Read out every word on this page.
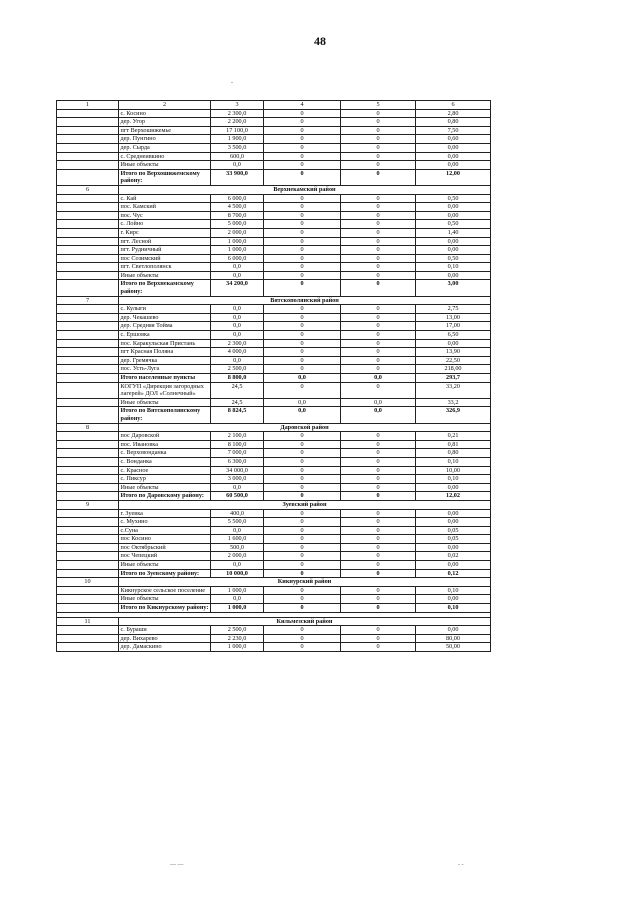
48
-
1	2	3	4	5	6
	с. Косино	2 300,0	0	0	2,80
	дер. Угор	2 200,0	0	0	0,80
	пгт Верхошижемье	17 100,0	0	0	7,50
	дер. Пунгино	1 900,0	0	0	0,60
	дер. Сырда	3 500,0	0	0	0,00
	с. Среднеивкино	600,0	0	0	0,00
	Иные объекты	0,0	0	0	0,00
	Итого по Верхошижемскому району:	33 900,0	0	0	12,00
6	Верхнекамский район				
	с. Кай	6 000,0	0	0	0,50
	пос. Камский	4 500,0	0	0	0,00
	пос. Чус	8 700,0	0	0	0,00
	с. Лойно	5 000,0	0	0	0,50
	г. Кирс	2 000,0	0	0	1,40
	пгт. Лесной	1 000,0	0	0	0,00
	пгт. Рудничный	1 000,0	0	0	0,00
	пос Созимский	6 000,0	0	0	0,50
	пгт. Светлополянск	0,0	0	0	0,10
	Иные объекты	0,0	0	0	0,00
	Итого по Верхнекамскому району:	34 200,0	0	0	3,00
7	Вятскополянский район				
	с. Кулыги	0,0	0	0	2,75
	дер. Чекашево	0,0	0	0	13,00
	дер. Средняя Тойма	0,0	0	0	17,00
	с. Ершовка	0,0	0	0	6,50
	пос. Каракульская Пристань	2 300,0	0	0	0,00
	пгт Красная Поляна	4 000,0	0	0	13,90
	дер. Гремячка	0,0	0	0	22,50
	пос. Усть-Луга	2 500,0	0	0	218,00
	Итого населенные пункты	8 800,0	0,0	0,0	293,7
	КОГУП «Дирекция загородных лагерей» ДОЛ «Солнечный»	24,5	0	0	33,20
	Иные объекты	24,5	0,0	0,0	33,2
	Итого по Вятскополянскому району:	8 824,5	0,0	0,0	326,9
8	Даровской район				
	пос Даровской	2 100,0	0	0	0,21
	пос. Ивановка	8 100,0	0	0	0,81
	с. Верховонданка	7 000,0	0	0	0,80
	с. Вонданка	6 300,0	0	0	0,10
	с. Красное	34 000,0	0	0	10,00
	с. Пиксур	3 000,0	0	0	0,10
	Иные объекты	0,0	0	0	0,00
	Итого по Даровскому району:	60 500,0	0	0	12,02
9	Зуевский район				
	г. Зуевка	400,0	0	0	0,00
	с. Мухино	5 500,0	0	0	0,00
	с.Суна	0,0	0	0	0,05
	пос Косино	1 600,0	0	0	0,05
	пос Октябрьский	500,0	0	0	0,00
	пос Чепецкий	2 000,0	0	0	0,02
	Иные объекты	0,0	0	0	0,00
	Итого по Зуевскому району:	10 000,0	0	0	0,12
10	Кикнурский район				
	Кикнурское сельское поселение	1 000,0	0	0	0,10
	Иные объекты	0,0	0	0	0,00
	Итого по Кикнурскому району:	1 000,0	0	0	0,10

11	Кильмезский район				
	с. Бураши	2 500,0	0	0	0,00
	дер. Вихарево	2 230,0	0	0	80,00
	дер. Дамаскино	1 000,0	0	0	50,00
— —	- -
